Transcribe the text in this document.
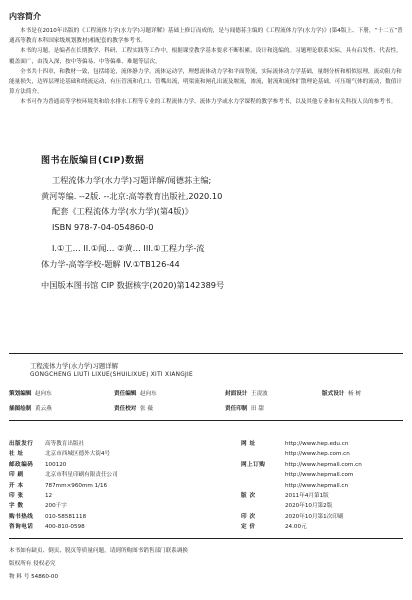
内容简介

本书是在2010年出版的《工程流体力学(水力学)习题详解》基础上修订而成的，是与闻德荪主编的《工程流体力学(水力学)》(第4版上、下册，“十二五”普通高等教育本科国家级规划教材)相配套的教学参考书。

本书的习题，是编者在长期教学、科研、工程实践等工作中，根据课堂教学基本要求不断积累、设计和选编的。习题理论联系实际，具有启发性、代表性，覆盖面广，由浅入深，按中等偏易、中等偏难、难题等层次。

全书共十四章，和教材一致，包括绪论，流体静力学，流体运动学，理想流体动力学和平面势流，实际流体动力学基础，量纲分析和相似原理，流动阻力和能量损失，边界层理论基础和绕流运动，有压管流和孔口、管嘴出流，明渠流和闸孔出流及堰流，渗流，射流和流体扩散理论基础，可压缩气体的流动，数值计算方法简介。

本书可作为普通高等学校环境类和给水排水工程等专业的工程流体力学、流体力学或水力学课程的教学参考书，以及其他专业和有关科技人员的参考书。

图书在版编目(CIP)数据
工程流体力学(水力学)习题详解/闻德荪主编;
黄河等编. --2版. --北京:高等教育出版社,2020.10
配套《工程流体力学(水力学)(第4版)》
ISBN 978-7-04-054860-0
I.①工… II.①闻… ②黄… III.①工程力学-流
体力学-高等学校-题解 IV.①TB126-44
中国版本图书馆 CIP 数据核字(2020)第142389号
工程流体力学(水力学)习题详解
GONGCHENG LIUTI LIXUE(SHUILIXUE) XITI XIANGJIE
策划编辑 赵向东	责任编辑 赵向东	封面设计 王凌波	版式设计 杨 树
插图绘制 黄云燕	责任校对 张 薇	责任印制 田 甜
出版发行 高等教育出版社
社 址	北京市西城区德外大街4号
邮政编码 100120
印 刷	北京市科星印刷有限责任公司
开 本	787mm×960mm 1/16
印 张	12
字 数	200千字
购书热线 010-58581118
咨询电话 400-810-0598
网 址	http://www.hep.edu.cn
http://www.hep.com.cn
网上订购	http://www.hepmall.com.cn
http://www.hepmall.com
http://www.hepmall.cn
版 次	2011年4月第1版
2020年10月第2版
印 次	2020年10月第1次印刷
定 价	24.00元
本书如有缺页、倒页、脱页等质量问题，请到所购图书销售部门联系调换
版权所有 侵权必究
物 料 号 54860-00
